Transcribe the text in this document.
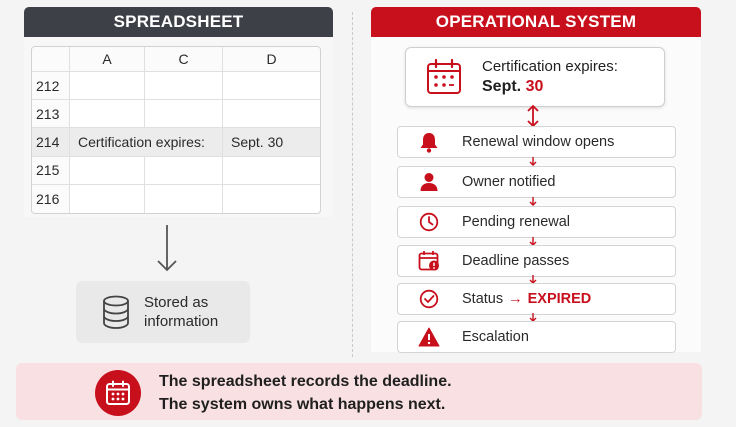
SPREADSHEET
A	C	D
212
213
214	Certification expires:	Sept. 30
215
216
Stored as
information
OPERATIONAL SYSTEM
Certification expires:
Sept. 30
Renewal window opens
Owner notified
Pending renewal
Deadline passes
Status → EXPIRED
Escalation
The spreadsheet records the deadline.
The system owns what happens next.
